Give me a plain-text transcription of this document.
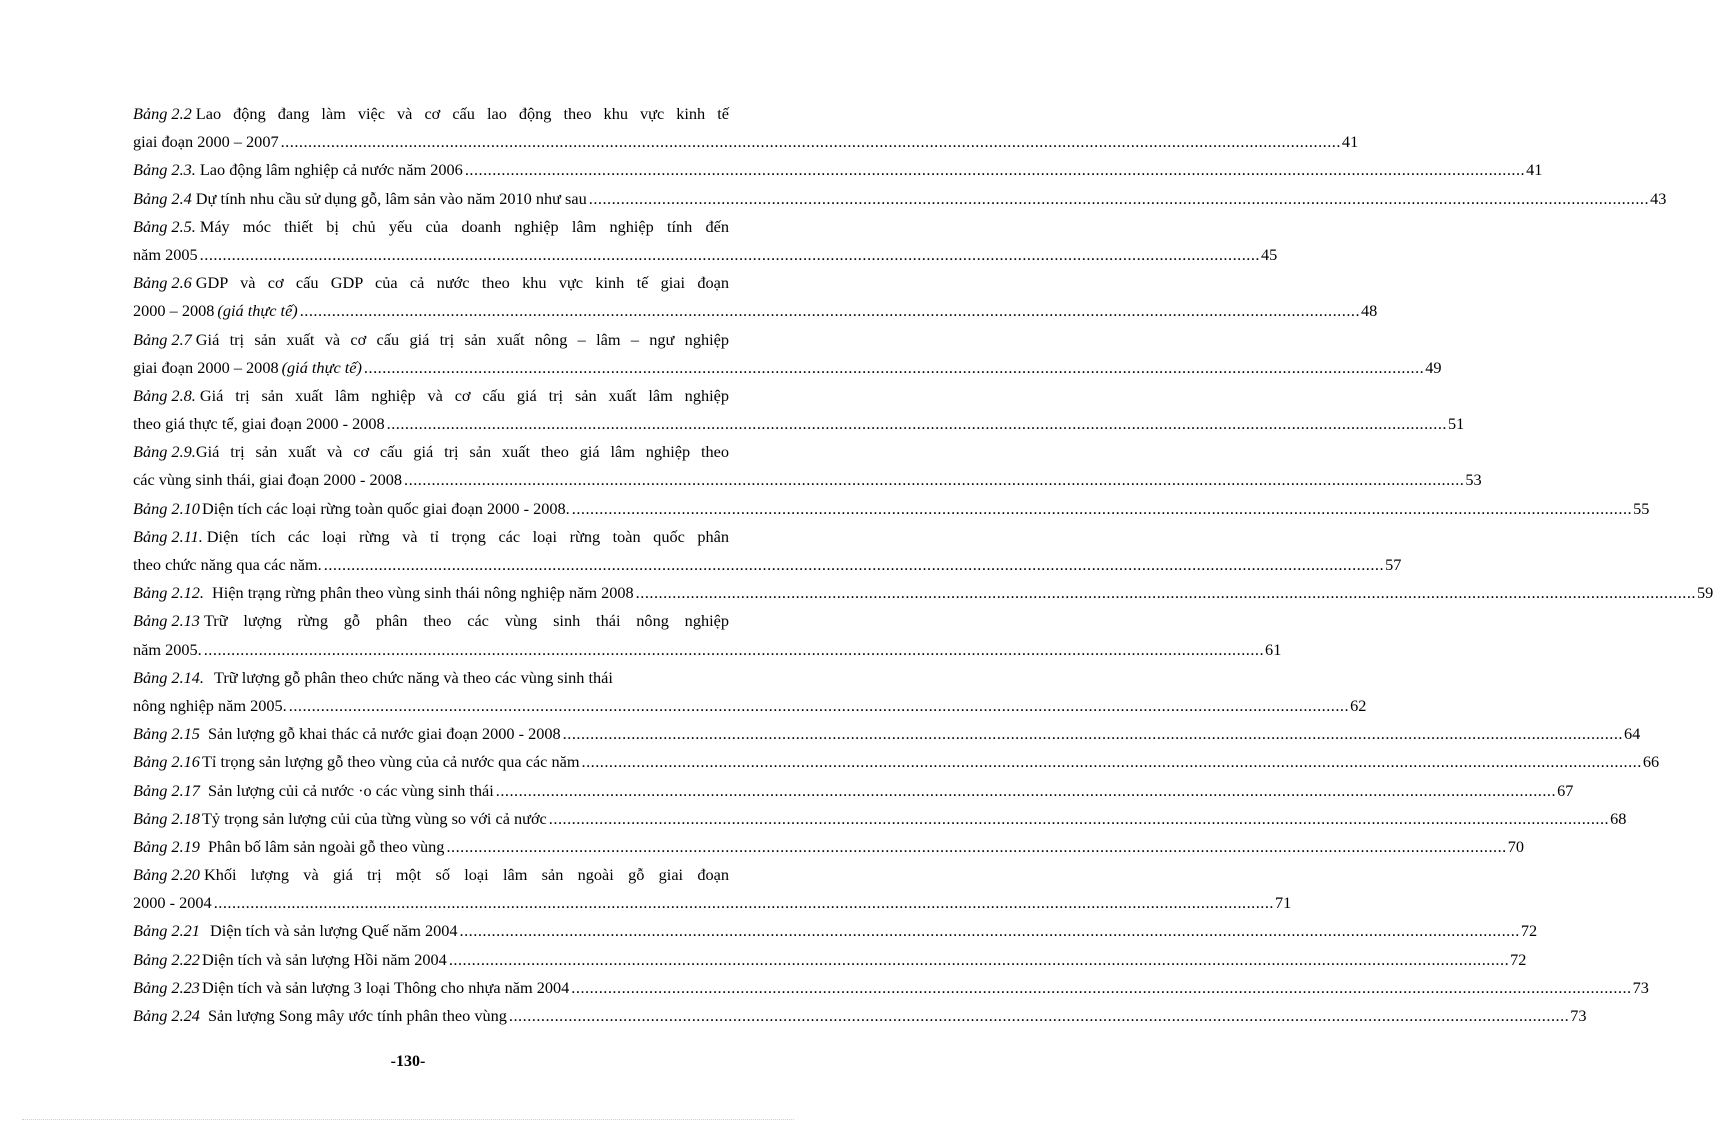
Bảng 2.2 Lao động đang làm việc và cơ cấu lao động theo khu vực kinh tế
giai đoạn 2000 – 2007 .....	41
Bảng 2.3. Lao động lâm nghiệp cả nước năm 2006 .....	41
Bảng 2.4 Dự tính nhu cầu sử dụng gỗ, lâm sản vào năm 2010 như sau .....	43
Bảng 2.5. Máy móc thiết bị chủ yếu của doanh nghiệp lâm nghiệp tính đến
năm 2005 .....	45
Bảng 2.6 GDP và cơ cấu GDP của cả nước theo khu vực kinh tế giai đoạn
2000 – 2008 (giá thực tế) .....	48
Bảng 2.7 Giá trị sản xuất và cơ cấu giá trị sản xuất nông – lâm – ngư nghiệp
giai đoạn 2000 – 2008 (giá thực tế) .....	49
Bảng 2.8. Giá trị sản xuất lâm nghiệp và cơ cấu giá trị sản xuất lâm nghiệp
theo giá thực tế, giai đoạn 2000 - 2008 .....	51
Bảng 2.9. Giá trị sản xuất và cơ cấu giá trị sản xuất theo giá lâm nghiệp theo
các vùng sinh thái, giai đoạn 2000 - 2008 .....	53
Bảng 2.10 Diện tích các loại rừng toàn quốc giai đoạn 2000 - 2008. .....	55
Bảng 2.11. Diện tích các loại rừng và tỉ trọng các loại rừng toàn quốc phân
theo chức năng qua các năm. .....	57
Bảng 2.12. Hiện trạng rừng phân theo vùng sinh thái nông nghiệp năm 2008 .....	59
Bảng 2.13 Trữ lượng rừng gỗ phân theo các vùng sinh thái nông nghiệp
năm 2005. .....	61
Bảng 2.14. Trữ lượng gỗ phân theo chức năng và theo các vùng sinh thái
nông nghiệp năm 2005. .....	62
Bảng 2.15 Sản lượng gỗ khai thác cả nước giai đoạn 2000 - 2008 .....	64
Bảng 2.16 Tỉ trọng sản lượng gỗ theo vùng của cả nước qua các năm .....	66
Bảng 2.17 Sản lượng củi cả nước · o các vùng sinh thái .....	67
Bảng 2.18 Tỷ trọng sản lượng củi của từng vùng so với cả nước .....	68
Bảng 2.19 Phân bố lâm sản ngoài gỗ theo vùng .....	70
Bảng 2.20 Khối lượng và giá trị một số loại lâm sản ngoài gỗ giai đoạn
2000 - 2004 .....	71
Bảng 2.21 Diện tích và sản lượng Quế năm 2004 .....	72
Bảng 2.22 Diện tích và sản lượng Hồi năm 2004 .....	72
Bảng 2.23 Diện tích và sản lượng 3 loại Thông cho nhựa năm 2004 .....	73
Bảng 2.24 Sản lượng Song mây ước tính phân theo vùng .....	73
-130-
